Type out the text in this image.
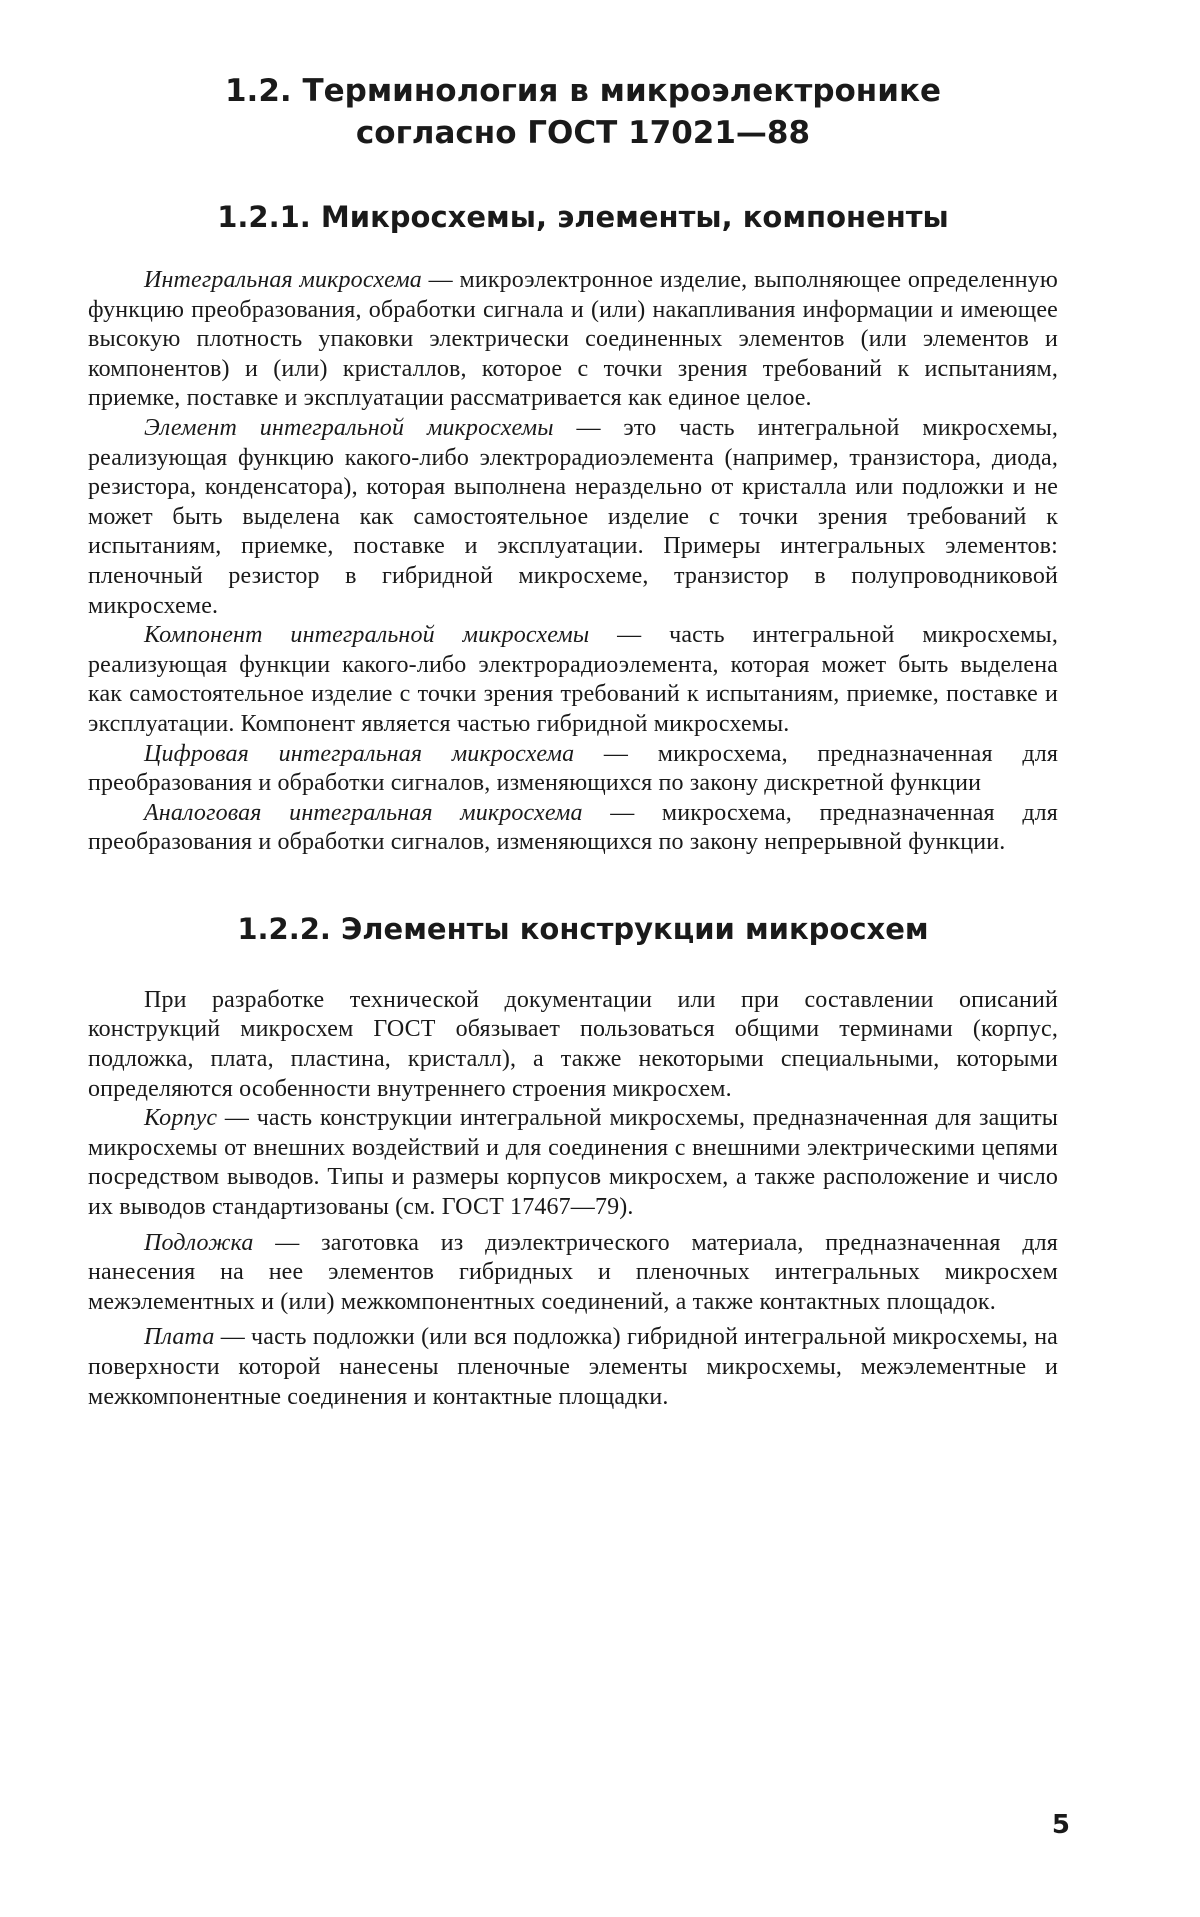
1.2. Терминология в микроэлектронике
согласно ГОСТ 17021—88
1.2.1. Микросхемы, элементы, компоненты

Интегральная микросхема — микроэлектронное изделие, выполняющее определенную функцию преобразования, обработки сигнала и (или) накапливания информации и имеющее высокую плотность упаковки электрически соединенных элементов (или элементов и компонентов) и (или) кристаллов, которое с точки зрения требований к испытаниям, приемке, поставке и эксплуатации рассматривается как единое целое.

Элемент интегральной микросхемы — это часть интегральной микросхемы, реализующая функцию какого-либо электрорадиоэлемента (например, транзистора, диода, резистора, конденсатора), которая выполнена нераздельно от кристалла или подложки и не может быть выделена как самостоятельное изделие с точки зрения требований к испытаниям, приемке, поставке и эксплуатации. Примеры интегральных элементов: пленочный резистор в гибридной микросхеме, транзистор в полупроводниковой микросхеме.

Компонент интегральной микросхемы — часть интегральной микросхемы, реализующая функции какого-либо электрорадиоэлемента, которая может быть выделена как самостоятельное изделие с точки зрения требований к испытаниям, приемке, поставке и эксплуатации. Компонент является частью гибридной микросхемы.

Цифровая интегральная микросхема — микросхема, предназначенная для преобразования и обработки сигналов, изменяющихся по закону дискретной функции

Аналоговая интегральная микросхема — микросхема, предназначенная для преобразования и обработки сигналов, изменяющихся по закону непрерывной функции.

1.2.2. Элементы конструкции микросхем

При разработке технической документации или при составлении описаний конструкций микросхем ГОСТ обязывает пользоваться общими терминами (корпус, подложка, плата, пластина, кристалл), а также некоторыми специальными, которыми определяются особенности внутреннего строения микросхем.

Корпус — часть конструкции интегральной микросхемы, предназначенная для защиты микросхемы от внешних воздействий и для соединения с внешними электрическими цепями посредством выводов. Типы и размеры корпусов микросхем, а также расположение и число их выводов стандартизованы (см. ГОСТ 17467—79).

Подложка — заготовка из диэлектрического материала, предназначенная для нанесения на нее элементов гибридных и пленочных интегральных микросхем межэлементных и (или) межкомпонентных соединений, а также контактных площадок.

Плата — часть подложки (или вся подложка) гибридной интегральной микросхемы, на поверхности которой нанесены пленочные элементы микросхемы, межэлементные и межкомпонентные соединения и контактные площадки.

5
